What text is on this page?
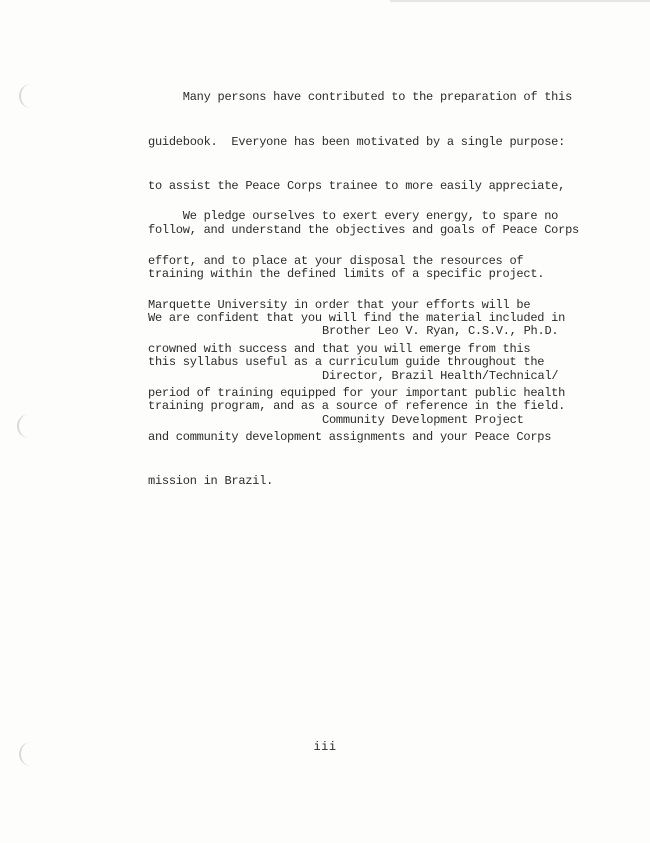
Many persons have contributed to the preparation of this

guidebook.  Everyone has been motivated by a single purpose:

to assist the Peace Corps trainee to more easily appreciate,

follow, and understand the objectives and goals of Peace Corps

training within the defined limits of a specific project.

We are confident that you will find the material included in

this syllabus useful as a curriculum guide throughout the

training program, and as a source of reference in the field.

We pledge ourselves to exert every energy, to spare no

effort, and to place at your disposal the resources of

Marquette University in order that your efforts will be

crowned with success and that you will emerge from this

period of training equipped for your important public health

and community development assignments and your Peace Corps

mission in Brazil.

Brother Leo V. Ryan, C.S.V., Ph.D.

Director, Brazil Health/Technical/

Community Development Project

iii
